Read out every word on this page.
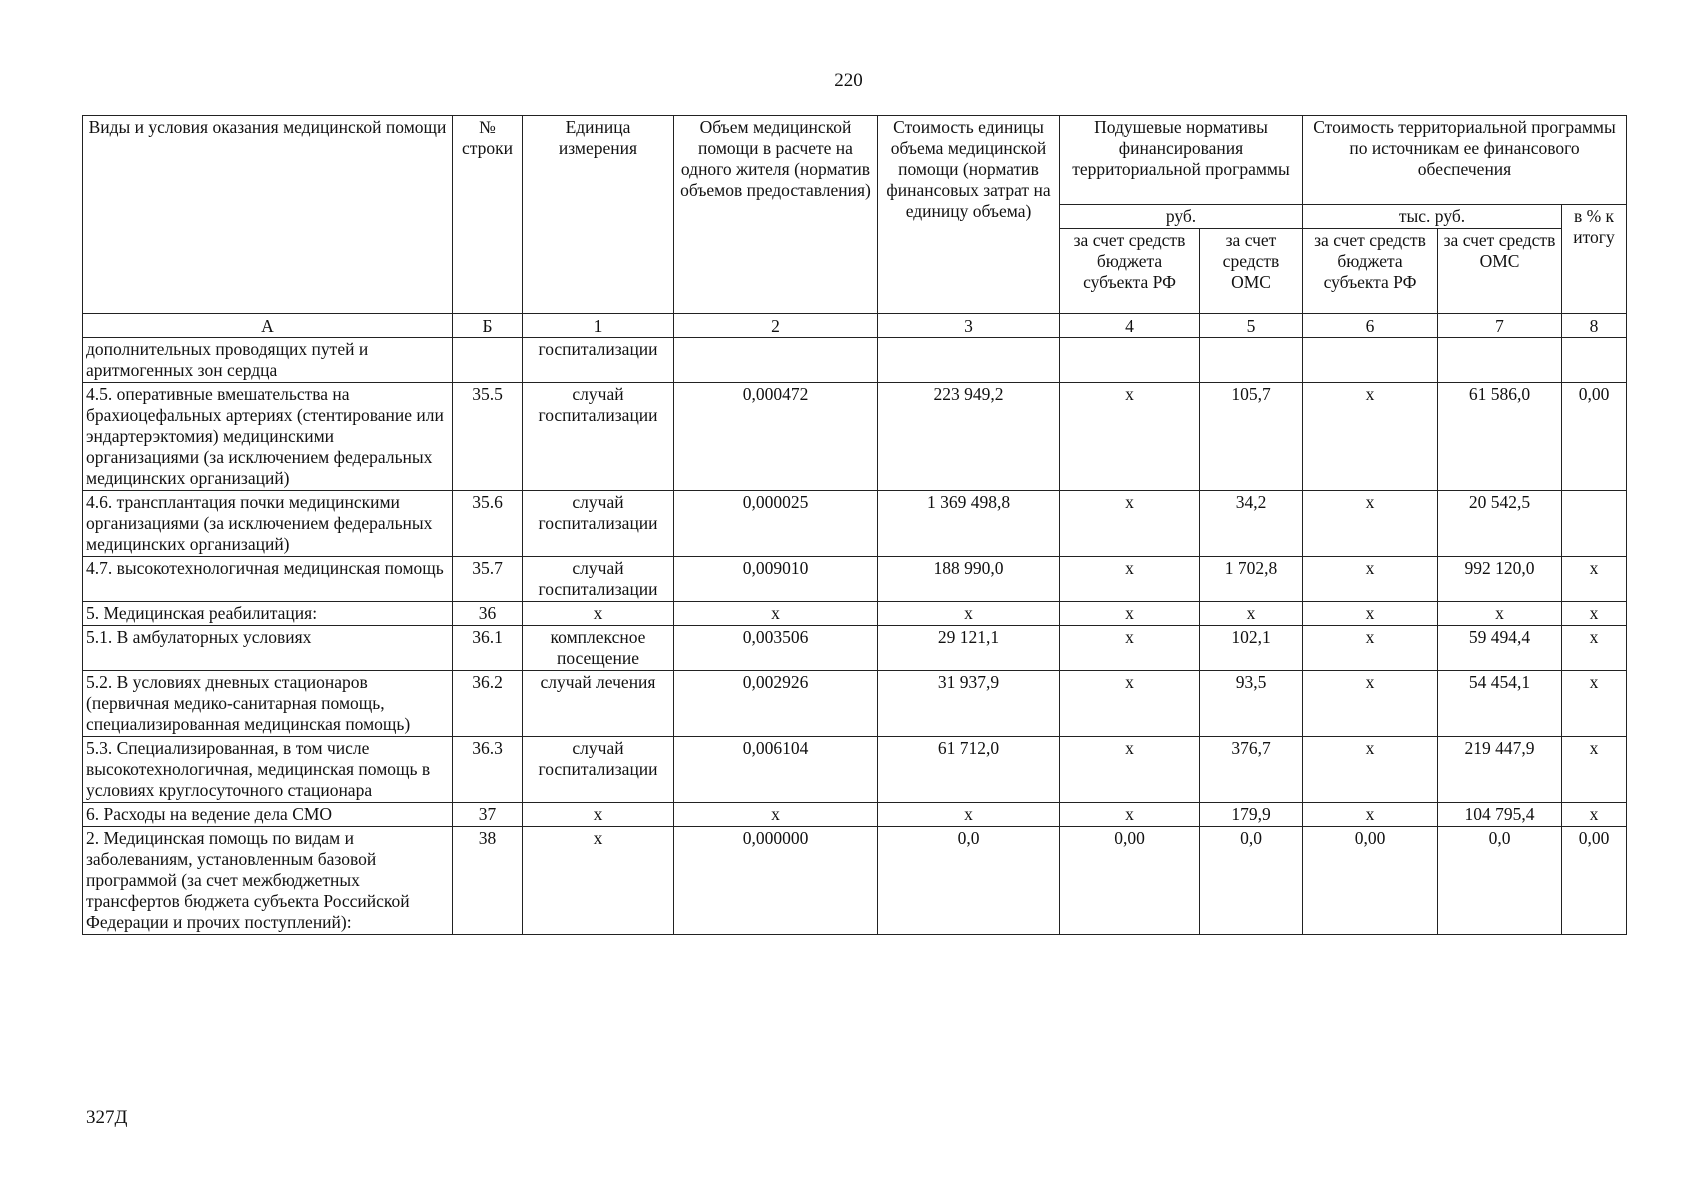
220
Виды и условия оказания медицинской помощи	№ строки	Единица измерения	Объем медицинской помощи в расчете на одного жителя (норматив объемов предоставления)	Стоимость единицы объема медицинской помощи (норматив финансовых затрат на единицу объема)	Подушевые нормативы финансирования территориальной программы		Стоимость территориальной программы по источникам ее финансового обеспечения		
					руб.		тыс. руб.		в % к итогу
					за счет средств бюджета субъекта РФ	за счет средств ОМС	за счет средств бюджета субъекта РФ	за счет средств ОМС	
А	Б	1	2	3	4	5	6	7	8
дополнительных проводящих путей и аритмогенных зон сердца		госпитализации							
4.5. оперативные вмешательства на брахиоцефальных артериях (стентирование или эндартерэктомия) медицинскими организациями (за исключением федеральных медицинских организаций)	35.5	случай госпитализации	0,000472	223 949,2	х	105,7	х	61 586,0	0,00
4.6. трансплантация почки медицинскими организациями (за исключением федеральных медицинских организаций)	35.6	случай госпитализации	0,000025	1 369 498,8	х	34,2	х	20 542,5	
4.7. высокотехнологичная медицинская помощь	35.7	случай госпитализации	0,009010	188 990,0	х	1 702,8	х	992 120,0	х
5. Медицинская реабилитация:	36	х	х	х	х	х	х	х	х
5.1. В амбулаторных условиях	36.1	комплексное посещение	0,003506	29 121,1	х	102,1	х	59 494,4	х
5.2. В условиях дневных стационаров (первичная медико-санитарная помощь, специализированная медицинская помощь)	36.2	случай лечения	0,002926	31 937,9	х	93,5	х	54 454,1	х
5.3. Специализированная, в том числе высокотехнологичная, медицинская помощь в условиях круглосуточного стационара	36.3	случай госпитализации	0,006104	61 712,0	х	376,7	х	219 447,9	х
6. Расходы на ведение дела СМО	37	х	х	х	х	179,9	х	104 795,4	х
2. Медицинская помощь по видам и заболеваниям, установленным базовой программой (за счет межбюджетных трансфертов бюджета субъекта Российской Федерации и прочих поступлений):	38	х	0,000000	0,0	0,00	0,0	0,00	0,0	0,00
327Д
